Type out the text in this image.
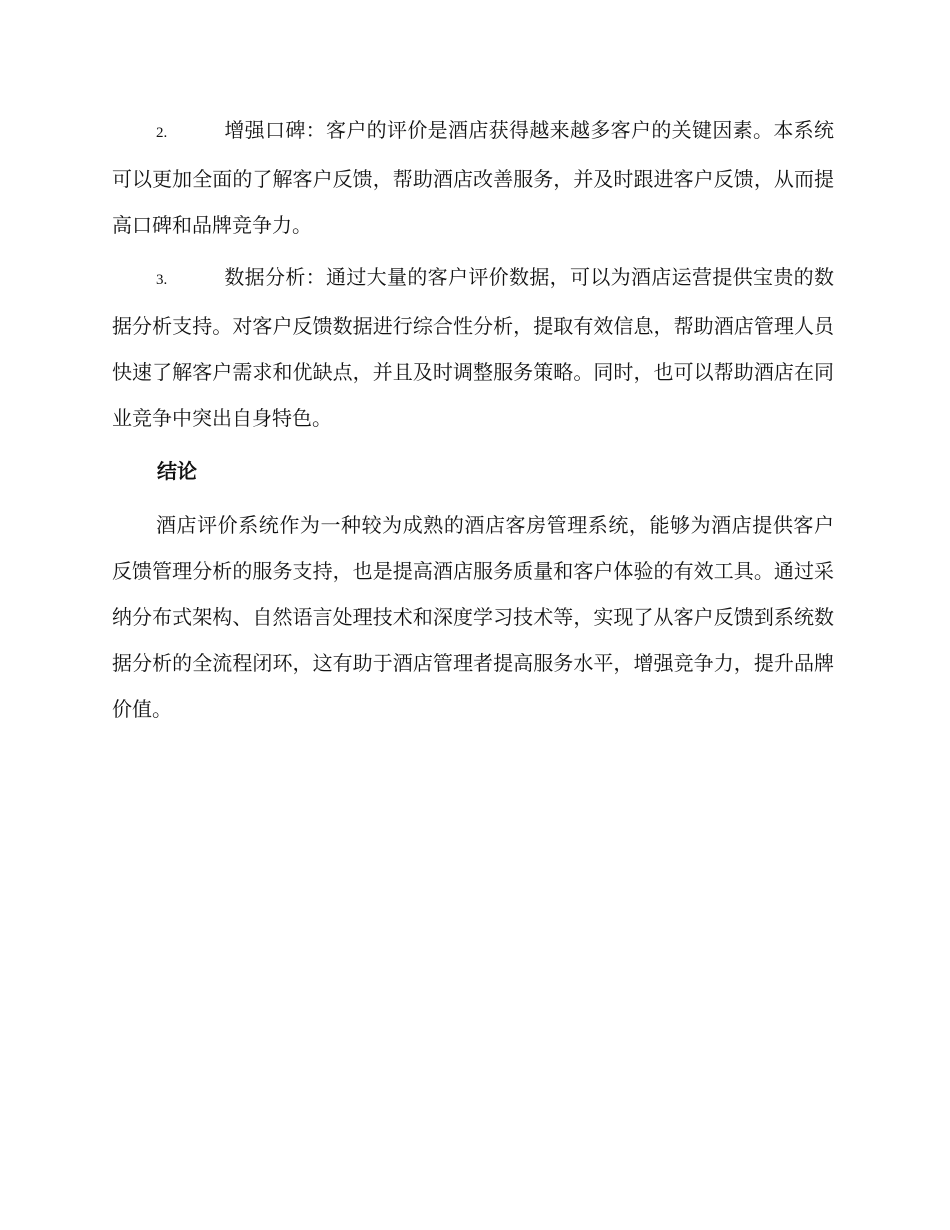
2.	增强口碑：客户的评价是酒店获得越来越多客户的关键因素。本系统可以更加全面的了解客户反馈，帮助酒店改善服务，并及时跟进客户反馈，从而提高口碑和品牌竞争力。

3.	数据分析：通过大量的客户评价数据，可以为酒店运营提供宝贵的数据分析支持。对客户反馈数据进行综合性分析，提取有效信息，帮助酒店管理人员快速了解客户需求和优缺点，并且及时调整服务策略。同时，也可以帮助酒店在同业竞争中突出自身特色。

结论

酒店评价系统作为一种较为成熟的酒店客房管理系统，能够为酒店提供客户反馈管理分析的服务支持，也是提高酒店服务质量和客户体验的有效工具。通过采纳分布式架构、自然语言处理技术和深度学习技术等，实现了从客户反馈到系统数据分析的全流程闭环，这有助于酒店管理者提高服务水平，增强竞争力，提升品牌价值。
